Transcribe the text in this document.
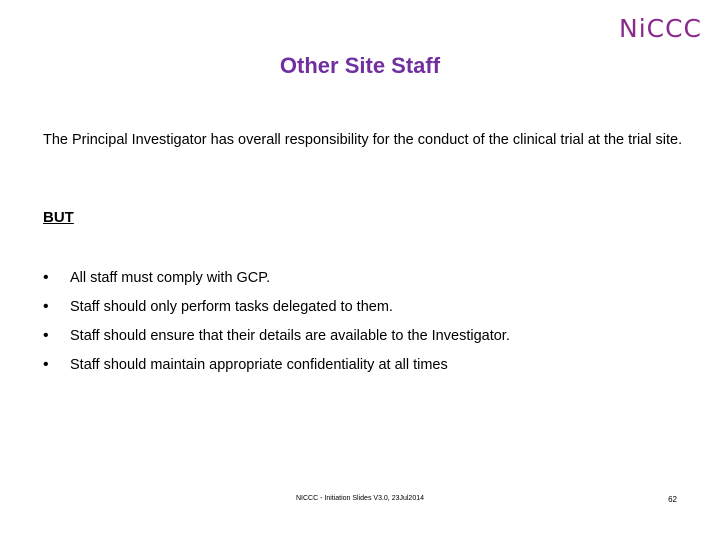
NiCCC
Other Site Staff
The Principal Investigator has overall responsibility for the conduct of the clinical trial at the trial site.
BUT
•	All staff must comply with GCP.
•	Staff should only perform tasks delegated to them.
•	Staff should ensure that their details are available to the Investigator.
•	Staff should maintain appropriate confidentiality at all times
NICCC - Initiation Slides V3.0, 23Jul2014	62
